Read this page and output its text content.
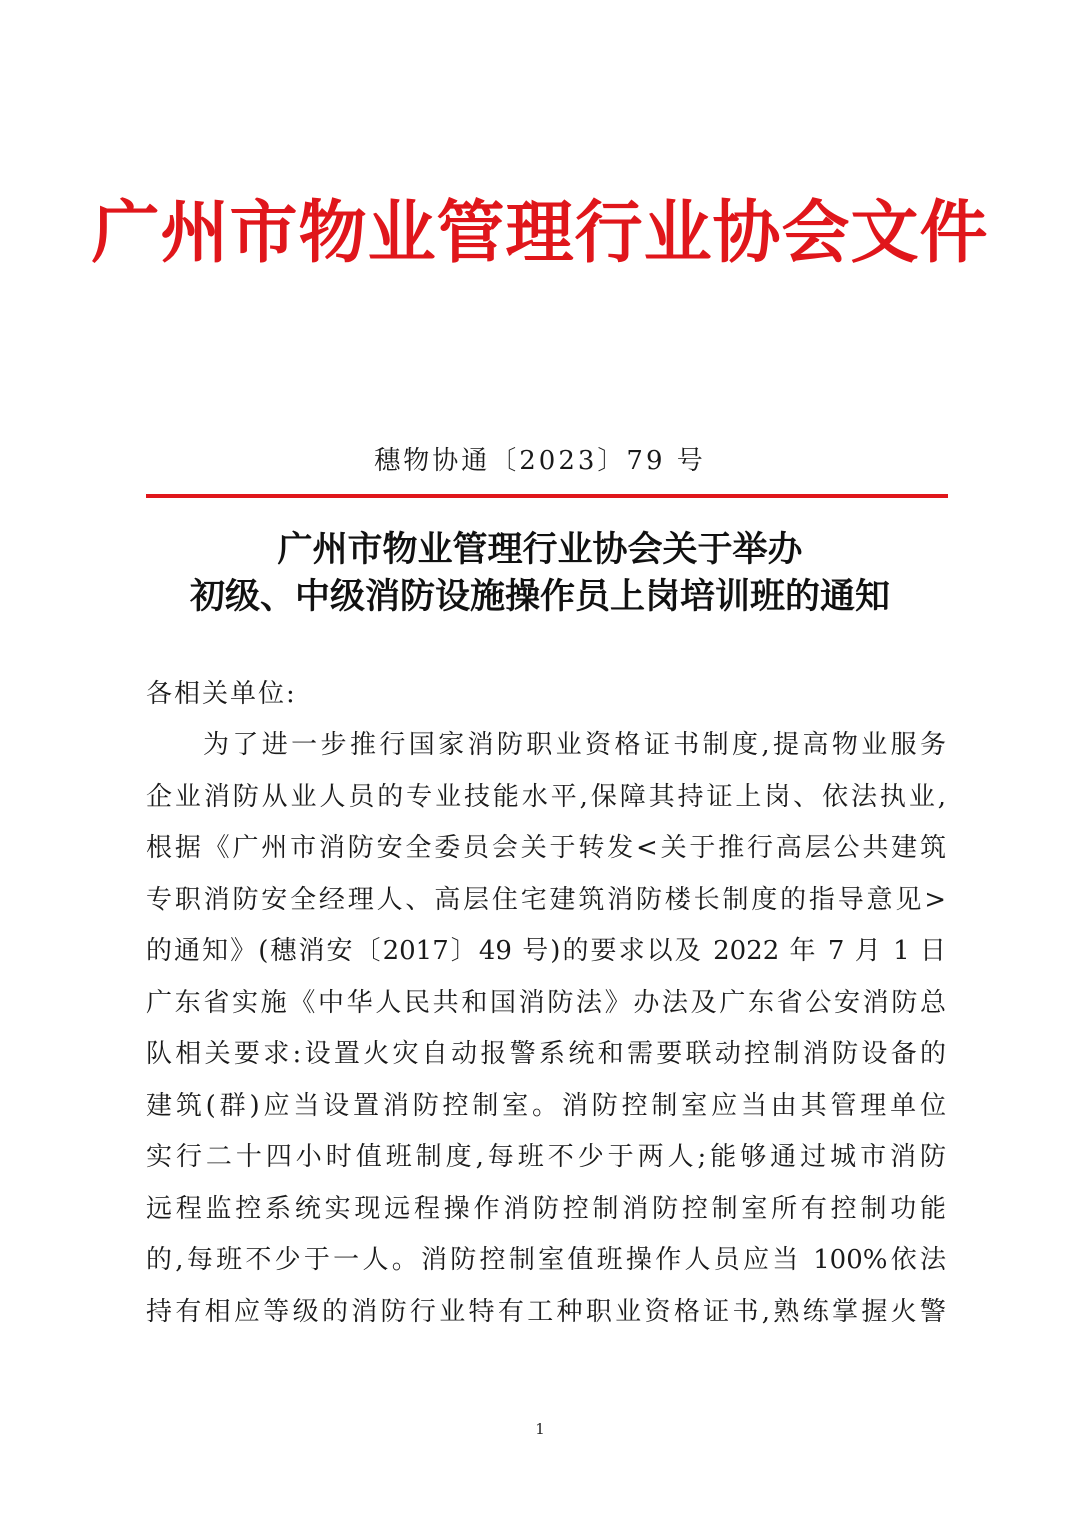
广州市物业管理行业协会文件
穗物协通〔2023〕79 号
广州市物业管理行业协会关于举办
初级、中级消防设施操作员上岗培训班的通知
各相关单位:
为了进一步推行国家消防职业资格证书制度,提高物业服务
企业消防从业人员的专业技能水平,保障其持证上岗、依法执业,
根据《广州市消防安全委员会关于转发<关于推行高层公共建筑
专职消防安全经理人、高层住宅建筑消防楼长制度的指导意见>
的通知》(穗消安〔2017〕49 号)的要求以及 2022 年 7 月 1 日
广东省实施《中华人民共和国消防法》办法及广东省公安消防总
队相关要求:设置火灾自动报警系统和需要联动控制消防设备的
建筑(群)应当设置消防控制室。消防控制室应当由其管理单位
实行二十四小时值班制度,每班不少于两人;能够通过城市消防
远程监控系统实现远程操作消防控制消防控制室所有控制功能
的,每班不少于一人。消防控制室值班操作人员应当 100%依法
持有相应等级的消防行业特有工种职业资格证书,熟练掌握火警
1
